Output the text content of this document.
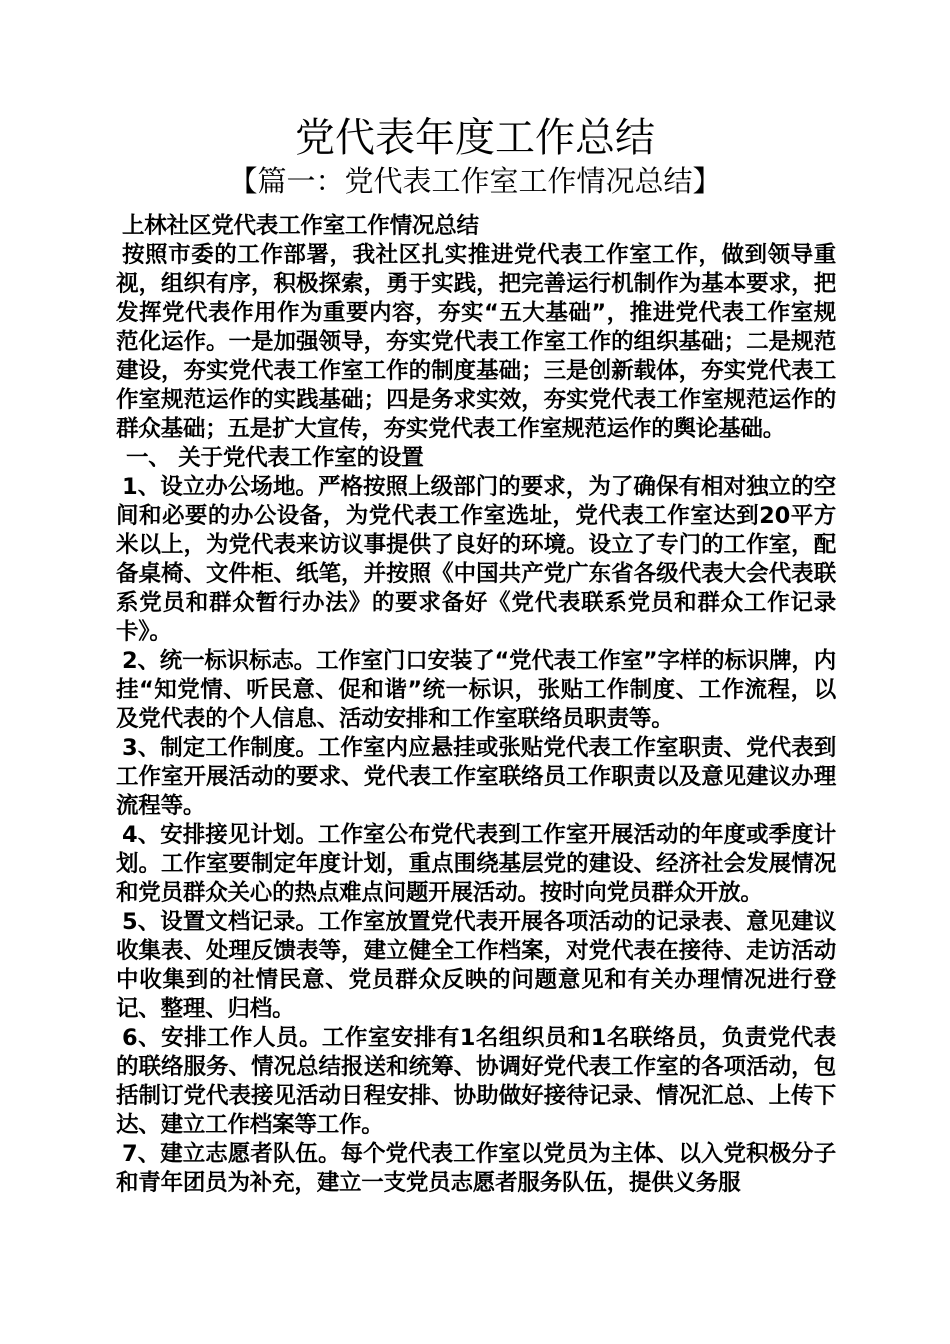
党代表年度工作总结
【篇一：党代表工作室工作情况总结】

上林社区党代表工作室工作情况总结

按照市委的工作部署，我社区扎实推进党代表工作室工作，做到领导重视，组织有序，积极探索，勇于实践，把完善运行机制作为基本要求，把发挥党代表作用作为重要内容，夯实“五大基础”，推进党代表工作室规范化运作。一是加强领导，夯实党代表工作室工作的组织基础；二是规范建设，夯实党代表工作室工作的制度基础；三是创新载体，夯实党代表工作室规范运作的实践基础；四是务求实效，夯实党代表工作室规范运作的群众基础；五是扩大宣传，夯实党代表工作室规范运作的舆论基础。

一、 关于党代表工作室的设置

1、设立办公场地。严格按照上级部门的要求，为了确保有相对独立的空间和必要的办公设备，为党代表工作室选址，党代表工作室达到20平方米以上，为党代表来访议事提供了良好的环境。设立了专门的工作室，配备桌椅、文件柜、纸笔，并按照《中国共产党广东省各级代表大会代表联系党员和群众暂行办法》的要求备好《党代表联系党员和群众工作记录卡》。

2、统一标识标志。工作室门口安装了“党代表工作室”字样的标识牌，内挂“知党情、听民意、促和谐”统一标识，张贴工作制度、工作流程，以及党代表的个人信息、活动安排和工作室联络员职责等。

3、制定工作制度。工作室内应悬挂或张贴党代表工作室职责、党代表到工作室开展活动的要求、党代表工作室联络员工作职责以及意见建议办理流程等。

4、安排接见计划。工作室公布党代表到工作室开展活动的年度或季度计划。工作室要制定年度计划，重点围绕基层党的建设、经济社会发展情况和党员群众关心的热点难点问题开展活动。按时向党员群众开放。

5、设置文档记录。工作室放置党代表开展各项活动的记录表、意见建议收集表、处理反馈表等，建立健全工作档案，对党代表在接待、走访活动中收集到的社情民意、党员群众反映的问题意见和有关办理情况进行登记、整理、归档。

6、安排工作人员。工作室安排有1名组织员和1名联络员，负责党代表的联络服务、情况总结报送和统筹、协调好党代表工作室的各项活动，包括制订党代表接见活动日程安排、协助做好接待记录、情况汇总、上传下达、建立工作档案等工作。

7、建立志愿者队伍。每个党代表工作室以党员为主体、以入党积极分子和青年团员为补充，建立一支党员志愿者服务队伍，提供义务服
